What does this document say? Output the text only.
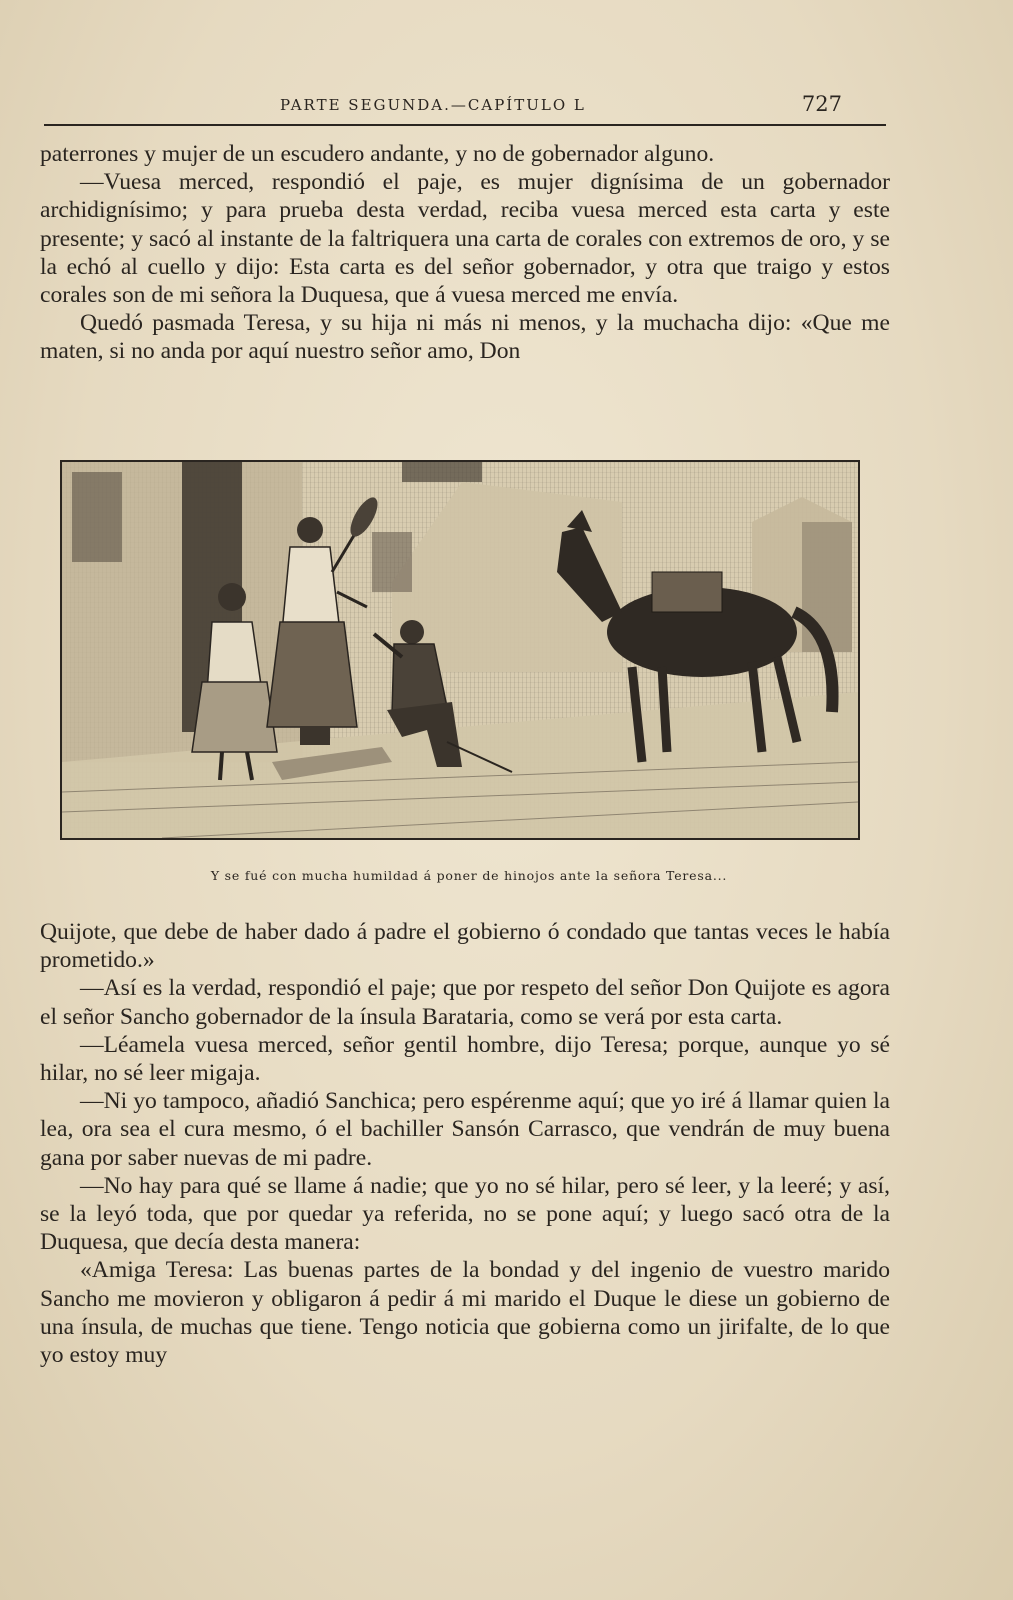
PARTE SEGUNDA.—CAPÍTULO L	727

paterrones y mujer de un escudero andante, y no de gobernador alguno.

—Vuesa merced, respondió el paje, es mujer dignísima de un gobernador archidignísimo; y para prueba desta verdad, reciba vuesa merced esta carta y este presente; y sacó al instante de la faltriquera una carta de corales con extremos de oro, y se la echó al cuello y dijo: Esta carta es del señor gobernador, y otra que traigo y estos corales son de mi señora la Duquesa, que á vuesa merced me envía.

Quedó pasmada Teresa, y su hija ni más ni menos, y la muchacha dijo: «Que me maten, si no anda por aquí nuestro señor amo, Don

Y se fué con mucha humildad á poner de hinojos ante la señora Teresa...

Quijote, que debe de haber dado á padre el gobierno ó condado que tantas veces le había prometido.»

—Así es la verdad, respondió el paje; que por respeto del señor Don Quijote es agora el señor Sancho gobernador de la ínsula Barataria, como se verá por esta carta.

—Léamela vuesa merced, señor gentil hombre, dijo Teresa; porque, aunque yo sé hilar, no sé leer migaja.

—Ni yo tampoco, añadió Sanchica; pero espérenme aquí; que yo iré á llamar quien la lea, ora sea el cura mesmo, ó el bachiller Sansón Carrasco, que vendrán de muy buena gana por saber nuevas de mi padre.

—No hay para qué se llame á nadie; que yo no sé hilar, pero sé leer, y la leeré; y así, se la leyó toda, que por quedar ya referida, no se pone aquí; y luego sacó otra de la Duquesa, que decía desta manera:

«Amiga Teresa: Las buenas partes de la bondad y del ingenio de vuestro marido Sancho me movieron y obligaron á pedir á mi marido el Duque le diese un gobierno de una ínsula, de muchas que tiene. Tengo noticia que gobierna como un jirifalte, de lo que yo estoy muy
